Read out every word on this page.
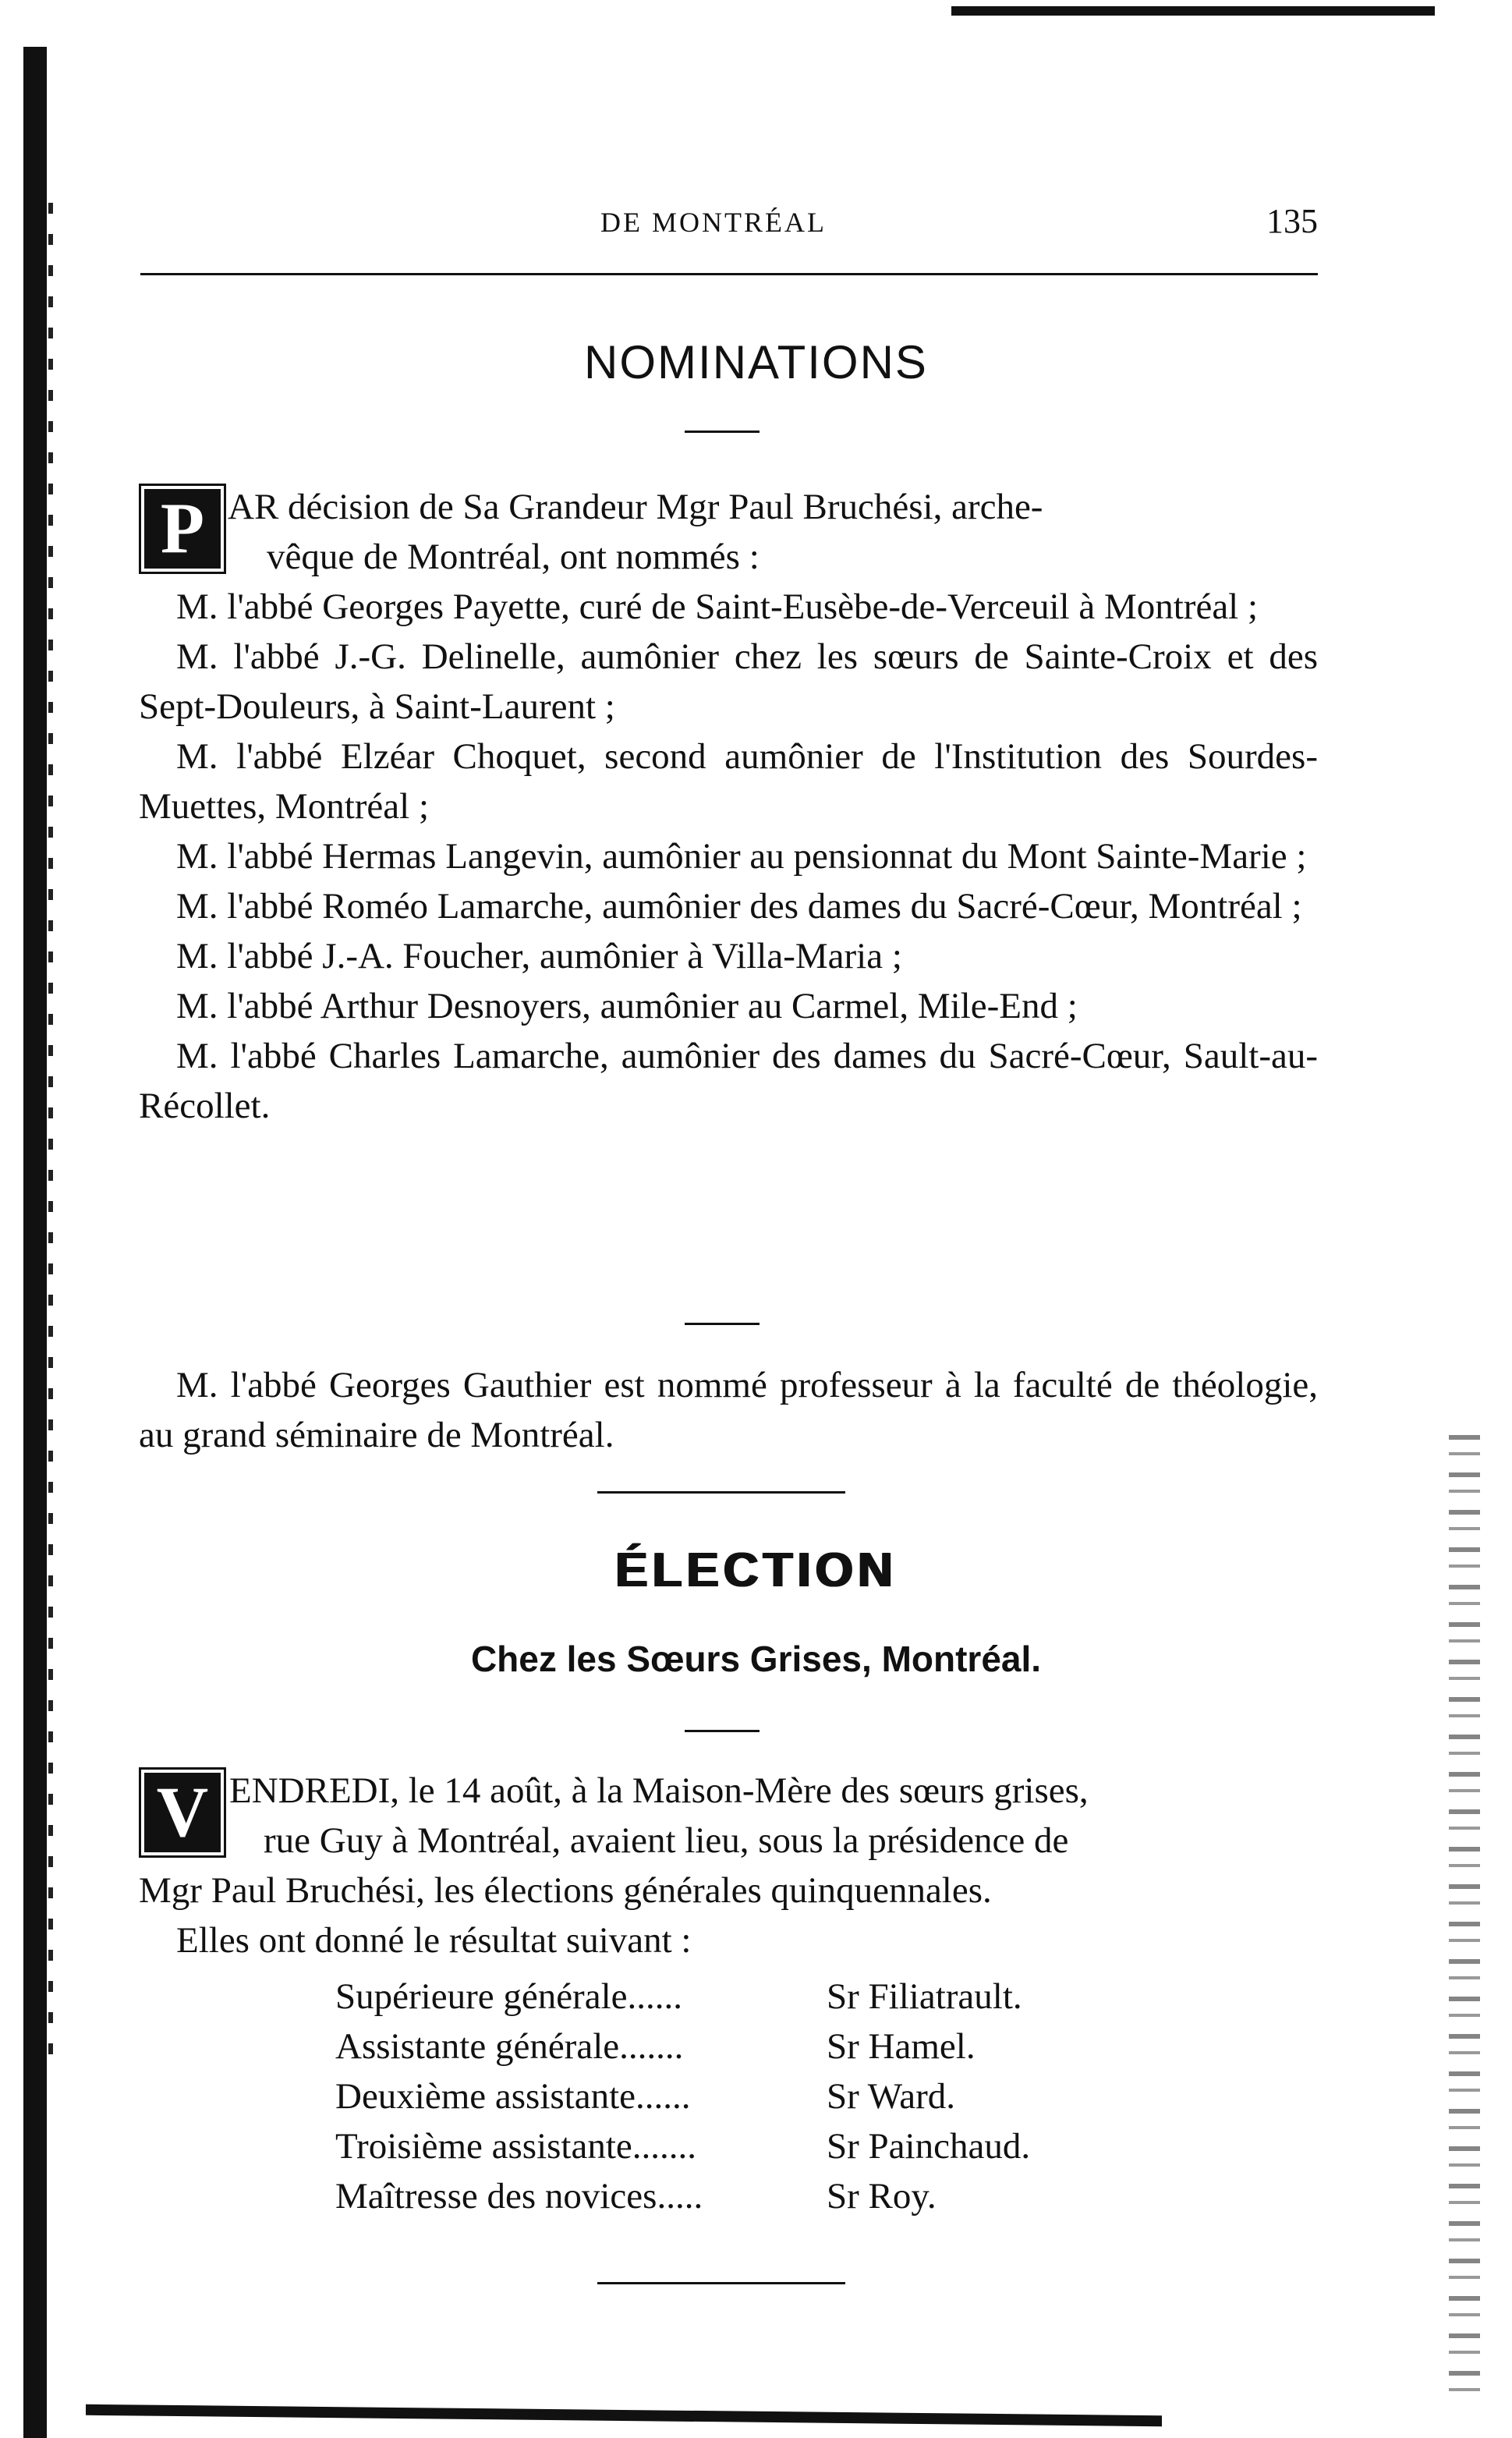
DE MONTRÉAL	135
NOMINATIONS
P AR décision de Sa Grandeur Mgr Paul Bruchési, arche-
vêque de Montréal, ont nommés :

M. l'abbé Georges Payette, curé de Saint-Eusèbe-de-Verceuil à Montréal ;

M. l'abbé J.-G. Delinelle, aumônier chez les sœurs de Sainte-Croix et des Sept-Douleurs, à Saint-Laurent ;

M. l'abbé Elzéar Choquet, second aumônier de l'Institution des Sourdes-Muettes, Montréal ;

M. l'abbé Hermas Langevin, aumônier au pensionnat du Mont Sainte-Marie ;

M. l'abbé Roméo Lamarche, aumônier des dames du Sacré-Cœur, Montréal ;

M. l'abbé J.-A. Foucher, aumônier à Villa-Maria ;

M. l'abbé Arthur Desnoyers, aumônier au Carmel, Mile-End ;

M. l'abbé Charles Lamarche, aumônier des dames du Sacré-Cœur, Sault-au-Récollet.

M. l'abbé Georges Gauthier est nommé professeur à la faculté de théologie, au grand séminaire de Montréal.

ÉLECTION
Chez les Sœurs Grises, Montréal.
V ENDREDI, le 14 août, à la Maison-Mère des sœurs grises,
rue Guy à Montréal, avaient lieu, sous la présidence de

Mgr Paul Bruchési, les élections générales quinquennales.

Elles ont donné le résultat suivant :

Supérieure générale......	Sr Filiatrault.
Assistante générale.......	Sr Hamel.
Deuxième assistante......	Sr Ward.
Troisième assistante.......	Sr Painchaud.
Maîtresse des novices.....	Sr Roy.
